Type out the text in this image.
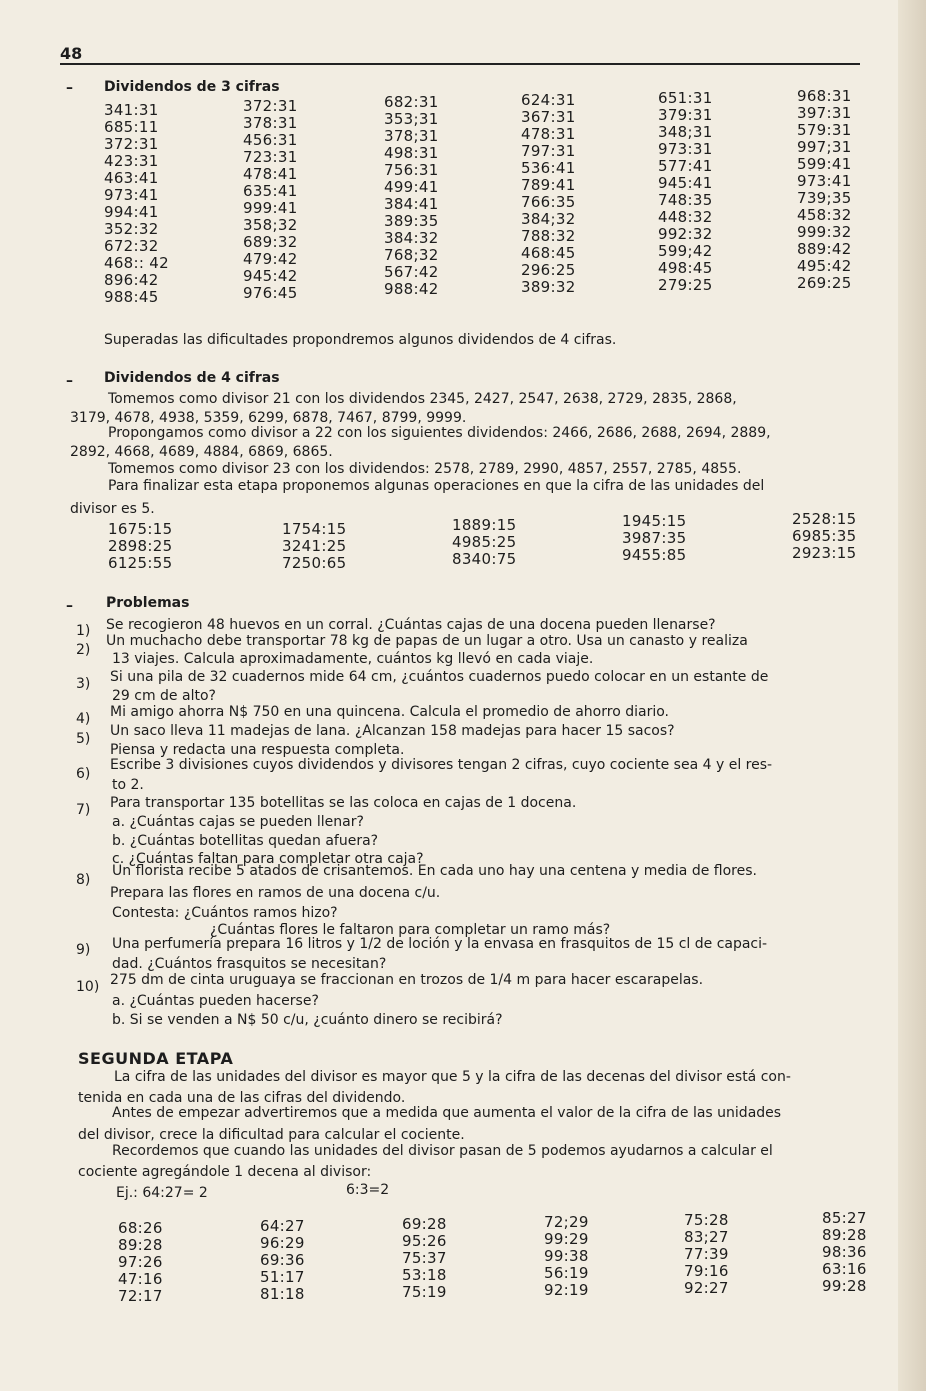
48
– Dividendos de 3 cifras
341:31
685:11
372:31
423:31
463:41
973:41
994:41
352:32
672:32
468:: 42
896:42
988:45
372:31
378:31
456:31
723:31
478:41
635:41
999:41
358;32
689:32
479:42
945:42
976:45
682:31
353;31
378;31
498:31
756:31
499:41
384:41
389:35
384:32
768;32
567:42
988:42
624:31
367:31
478:31
797:31
536:41
789:41
766:35
384;32
788:32
468:45
296:25
389:32
651:31
379:31
348;31
973:31
577:41
945:41
748:35
448:32
992:32
599;42
498:45
279:25
968:31
397:31
579:31
997;31
599:41
973:41
739;35
458:32
999:32
889:42
495:42
269:25
Superadas las dificultades propondremos algunos dividendos de 4 cifras.
– Dividendos de 4 cifras
Tomemos como divisor 21 con los dividendos 2345, 2427, 2547, 2638, 2729, 2835, 2868,
3179, 4678, 4938, 5359, 6299, 6878, 7467, 8799, 9999.
Propongamos como divisor a 22 con los siguientes dividendos: 2466, 2686, 2688, 2694, 2889,
2892, 4668, 4689, 4884, 6869, 6865.
Tomemos como divisor 23 con los dividendos: 2578, 2789, 2990, 4857, 2557, 2785, 4855.
Para finalizar esta etapa proponemos algunas operaciones en que la cifra de las unidades del
divisor es 5.
1675:15
2898:25
6125:55
1754:15
3241:25
7250:65
1889:15
4985:25
8340:75
1945:15
3987:35
9455:85
2528:15
6985:35
2923:15
– Problemas
1) Se recogieron 48 huevos en un corral. ¿Cuántas cajas de una docena pueden llenarse?
2)
Un muchacho debe transportar 78 kg de papas de un lugar a otro. Usa un canasto y realiza
13 viajes. Calcula aproximadamente, cuántos kg llevó en cada viaje.
3) Si una pila de 32 cuadernos mide 64 cm, ¿cuántos cuadernos puedo colocar en un estante de
29 cm de alto?
4) Mi amigo ahorra N$ 750 en una quincena. Calcula el promedio de ahorro diario.
5) Un saco lleva 11 madejas de lana. ¿Alcanzan 158 madejas para hacer 15 sacos?
Piensa y redacta una respuesta completa.
6)
Escribe 3 divisiones cuyos dividendos y divisores tengan 2 cifras, cuyo cociente sea 4 y el res-
to 2.
7) Para transportar 135 botellitas se las coloca en cajas de 1 docena.
a. ¿Cuántas cajas se pueden llenar?
b. ¿Cuántas botellitas quedan afuera?
c. ¿Cuántas faltan para completar otra caja?
8)
Un florista recibe 5 atados de crisantemos. En cada uno hay una centena y media de flores.
Prepara las flores en ramos de una docena c/u.
Contesta: ¿Cuántos ramos hizo?
¿Cuántas flores le faltaron para completar un ramo más?
9) Una perfumería prepara 16 litros y 1/2 de loción y la envasa en frasquitos de 15 cl de capaci-
dad. ¿Cuántos frasquitos se necesitan?
10) 275 dm de cinta uruguaya se fraccionan en trozos de 1/4 m para hacer escarapelas.
a. ¿Cuántas pueden hacerse?
b. Si se venden a N$ 50 c/u, ¿cuánto dinero se recibirá?
SEGUNDA ETAPA
La cifra de las unidades del divisor es mayor que 5 y la cifra de las decenas del divisor está con-
tenida en cada una de las cifras del dividendo.
Antes de empezar advertiremos que a medida que aumenta el valor de la cifra de las unidades
del divisor, crece la dificultad para calcular el cociente.
Recordemos que cuando las unidades del divisor pasan de 5 podemos ayudarnos a calcular el
cociente agregándole 1 decena al divisor:
Ej.: 64:27= 2	6:3=2
68:26
89:28
97:26
47:16
72:17
64:27
96:29
69:36
51:17
81:18
69:28
95:26
75:37
53:18
75:19
72;29
99:29
99:38
56:19
92:19
75:28
83;27
77:39
79:16
92:27
85:27
89:28
98:36
63:16
99:28
